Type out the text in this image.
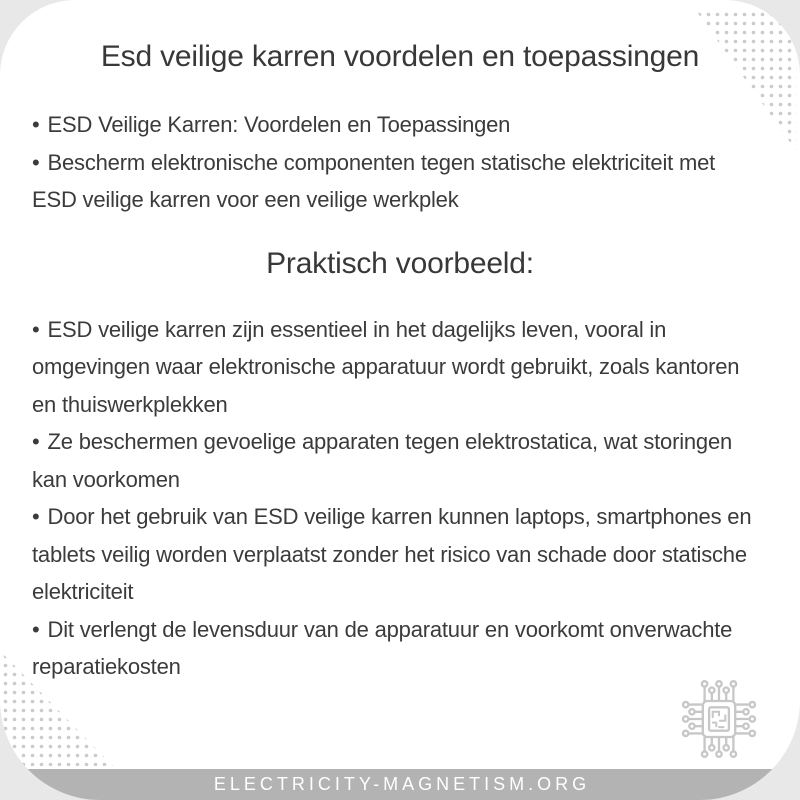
Esd veilige karren voordelen en toepassingen
• ESD Veilige Karren: Voordelen en Toepassingen
• Bescherm elektronische componenten tegen statische elektriciteit met ESD veilige karren voor een veilige werkplek
Praktisch voorbeeld:
• ESD veilige karren zijn essentieel in het dagelijks leven, vooral in omgevingen waar elektronische apparatuur wordt gebruikt, zoals kantoren en thuiswerkplekken
• Ze beschermen gevoelige apparaten tegen elektrostatica, wat storingen kan voorkomen
• Door het gebruik van ESD veilige karren kunnen laptops, smartphones en tablets veilig worden verplaatst zonder het risico van schade door statische elektriciteit
• Dit verlengt de levensduur van de apparatuur en voorkomt onverwachte reparatiekosten
ELECTRICITY-MAGNETISM.ORG
